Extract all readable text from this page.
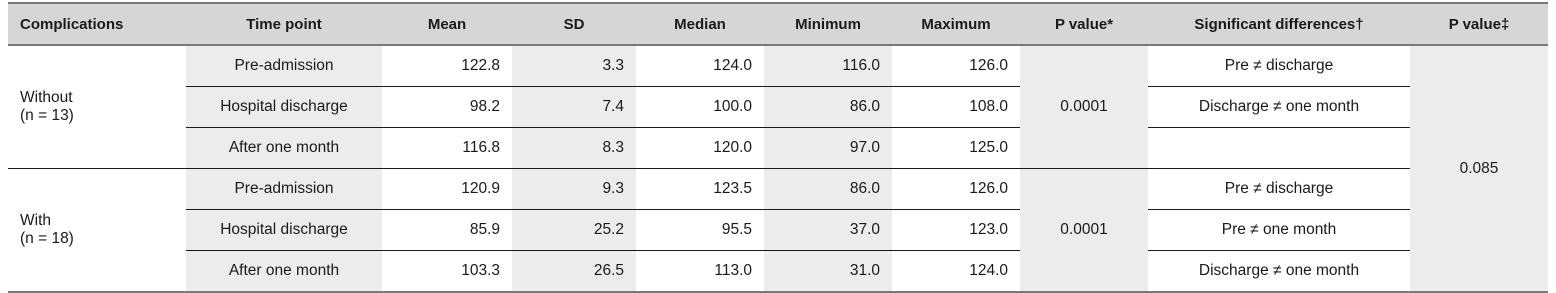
Complications	Time point	Mean	SD	Median	Minimum	Maximum	P value*	Significant differences†	P value‡
Without
(n = 13)	Pre-admission	122.8	3.3	124.0	116.0	126.0	0.0001	Pre ≠ discharge	0.085
	Hospital discharge	98.2	7.4	100.0	86.0	108.0		Discharge ≠ one month	
	After one month	116.8	8.3	120.0	97.0	125.0			
With
(n = 18)	Pre-admission	120.9	9.3	123.5	86.0	126.0	0.0001	Pre ≠ discharge	
	Hospital discharge	85.9	25.2	95.5	37.0	123.0		Pre ≠ one month	
	After one month	103.3	26.5	113.0	31.0	124.0		Discharge ≠ one month	
